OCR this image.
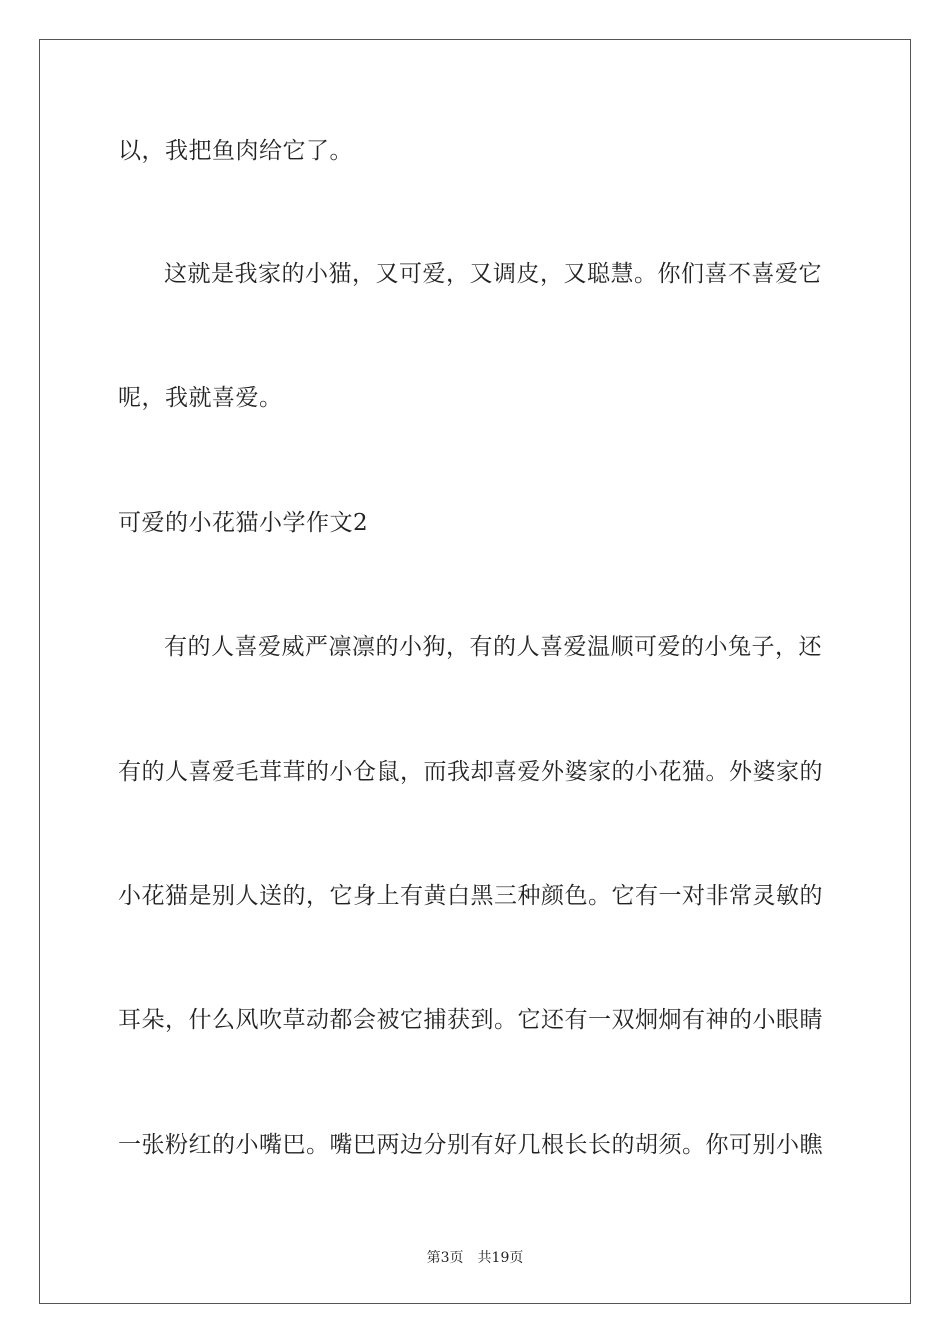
以，我把鱼肉给它了。
这就是我家的小猫，又可爱，又调皮，又聪慧。你们喜不喜爱它
呢，我就喜爱。
可爱的小花猫小学作文2
有的人喜爱威严凛凛的小狗，有的人喜爱温顺可爱的小兔子，还
有的人喜爱毛茸茸的小仓鼠，而我却喜爱外婆家的小花猫。外婆家的
小花猫是别人送的，它身上有黄白黑三种颜色。它有一对非常灵敏的
耳朵，什么风吹草动都会被它捕获到。它还有一双炯炯有神的小眼睛
一张粉红的小嘴巴。嘴巴两边分别有好几根长长的胡须。你可别小瞧
第3页　共19页
